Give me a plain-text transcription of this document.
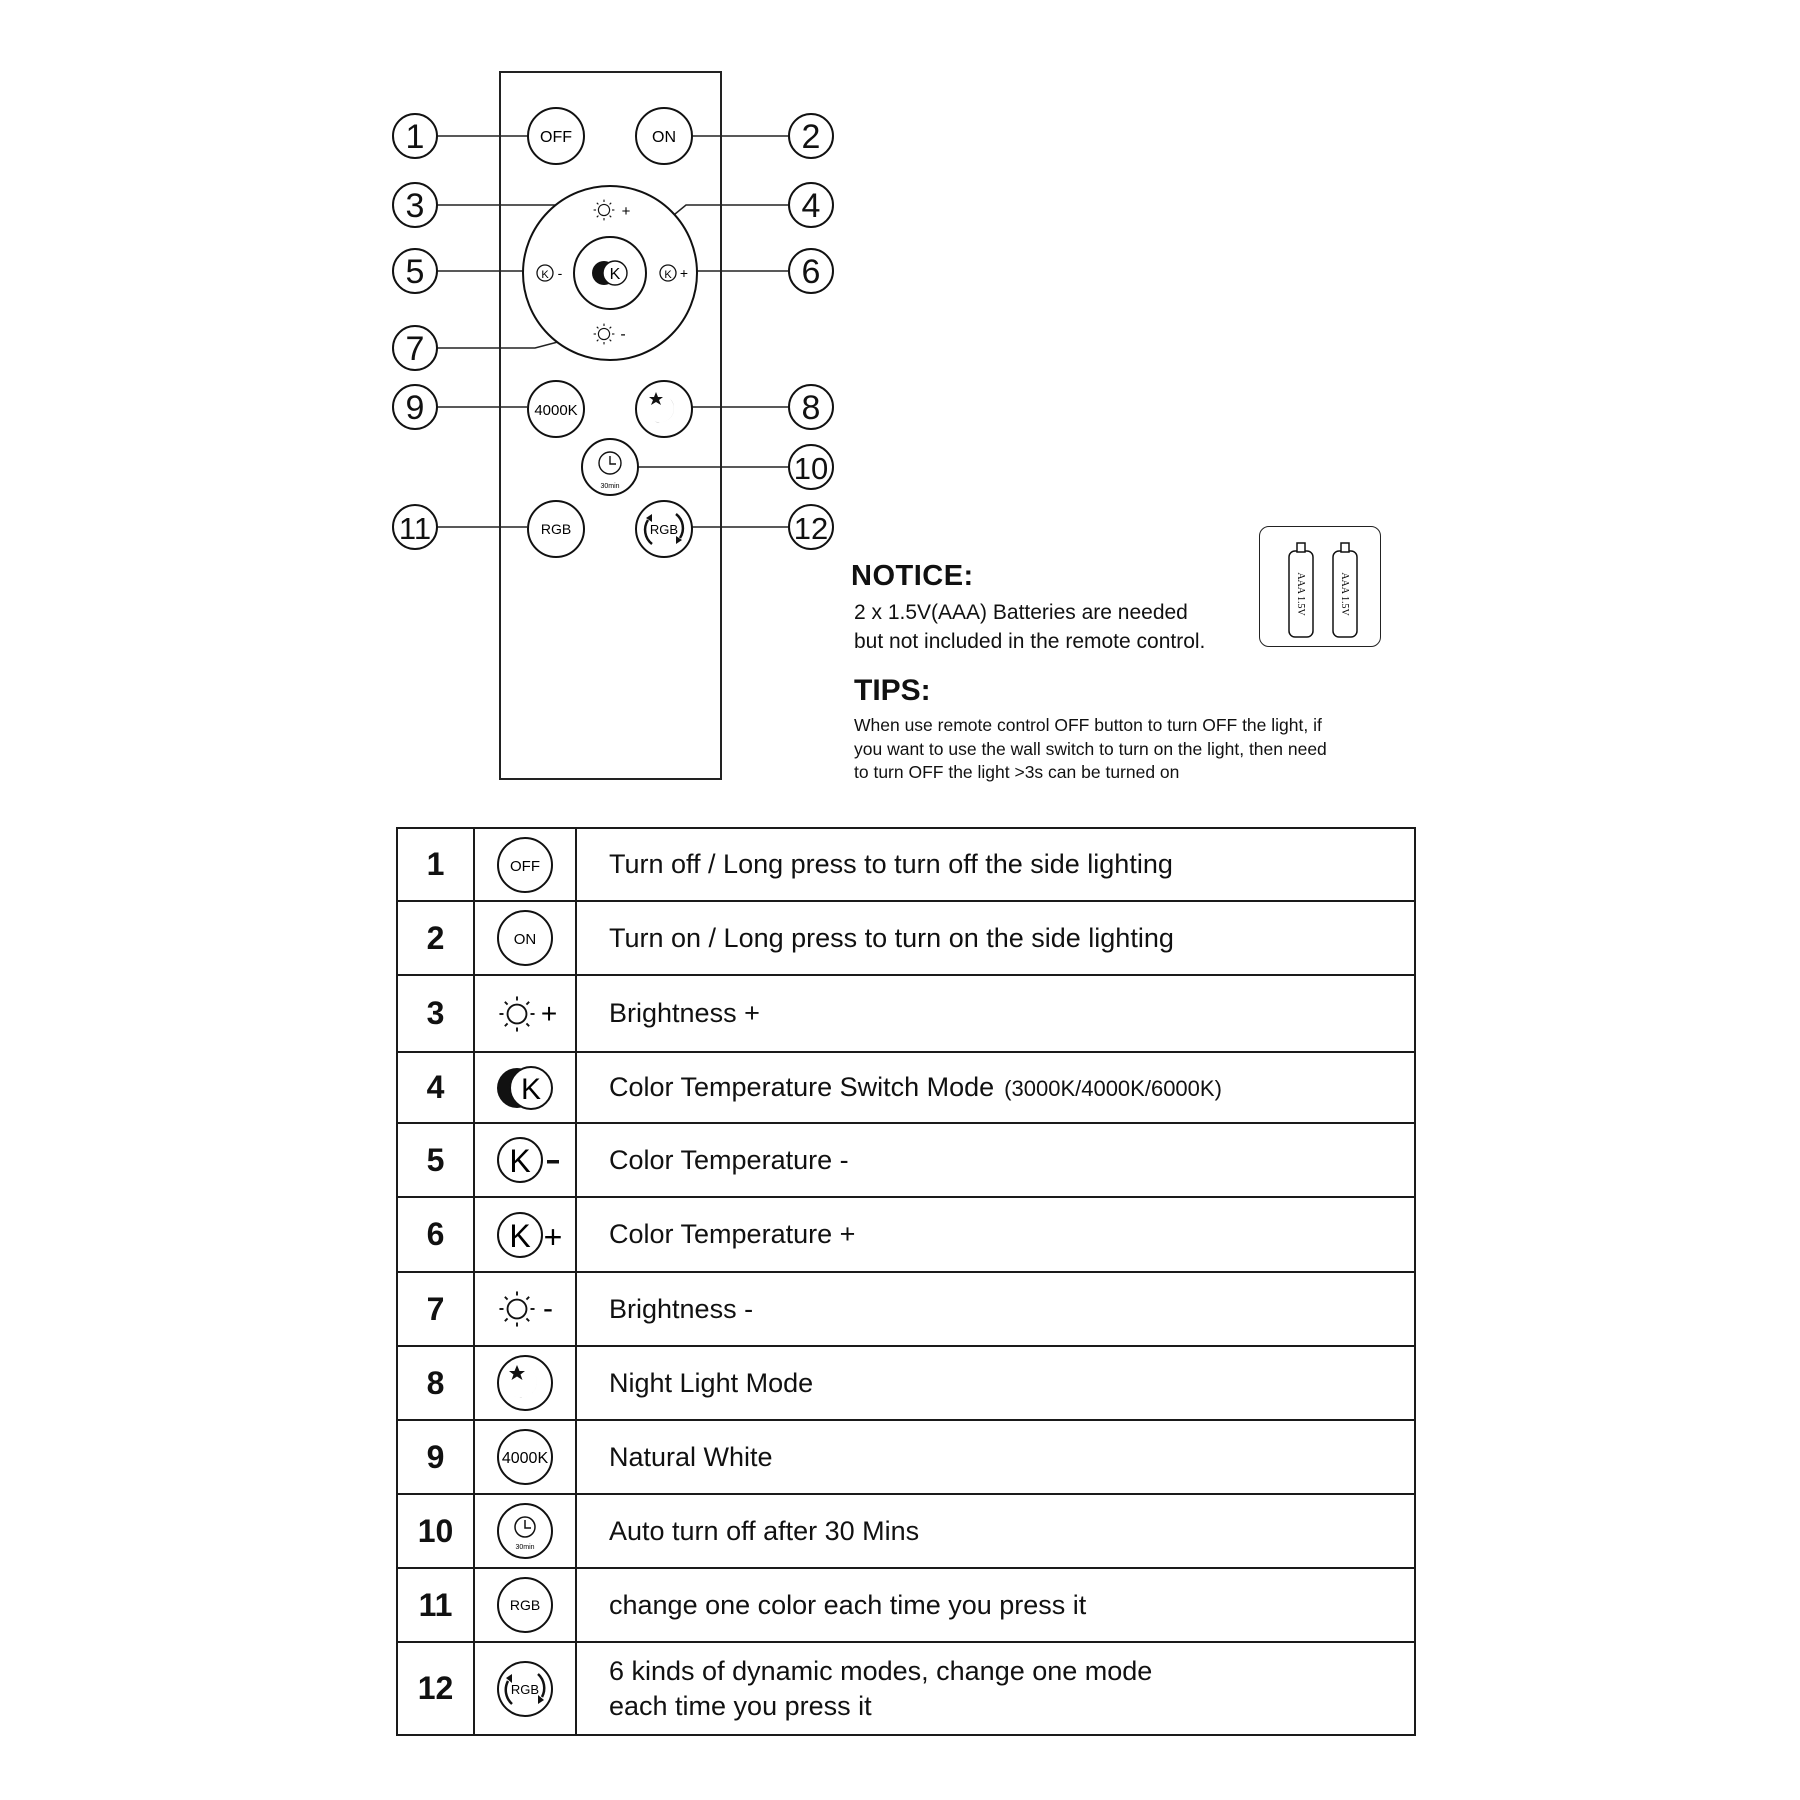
1	2
3	4
5	6
7
8
9
10
11	12
OFF	ON
+
-
K -	K +
K
4000K
30min
RGB	RGB
NOTICE:
2 x 1.5V(AAA) Batteries are needed
but not included in the remote control.
AAA 1.5V	AAA 1.5V
TIPS:
When use remote control OFF button to turn OFF the light, if
you want to use the wall switch to turn on the light, then need
to turn OFF the light >3s can be turned on
1	OFF	Turn off / Long press to turn off the side lighting
2	ON	Turn on / Long press to turn on the side lighting
3	+	Brightness +
4	K	Color Temperature Switch Mode (3000K/4000K/6000K)
5	K	Color Temperature -
6	K +	Color Temperature +
7	-	Brightness -
8		Night Light Mode
9	4000K	Natural White
10	30min	Auto turn off after 30 Mins
11	RGB	change one color each time you press it
12	RGB	6 kinds of dynamic modes, change one mode
each time you press it
